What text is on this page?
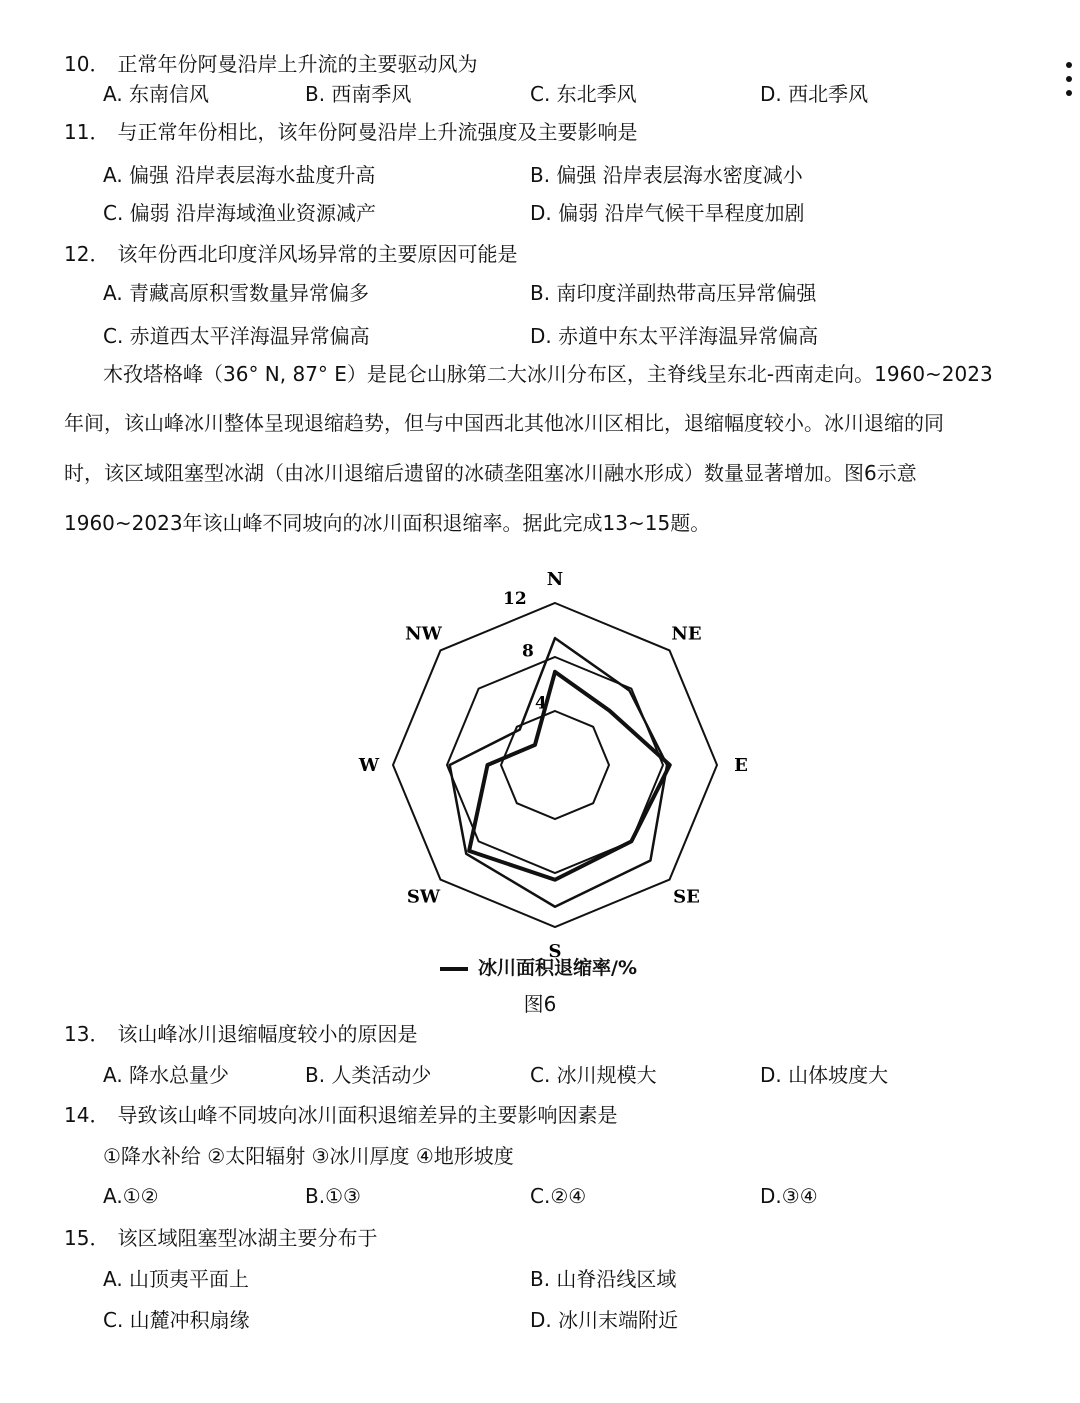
10． 正常年份阿曼沿岸上升流的主要驱动风为
A. 东南信风	B. 西南季风	C. 东北季风	D. 西北季风
11． 与正常年份相比，该年份阿曼沿岸上升流强度及主要影响是
A. 偏强 沿岸表层海水盐度升高	B. 偏强 沿岸表层海水密度减小
C. 偏弱 沿岸海域渔业资源减产	D. 偏弱 沿岸气候干旱程度加剧
12． 该年份西北印度洋风场异常的主要原因可能是
A. 青藏高原积雪数量异常偏多	B. 南印度洋副热带高压异常偏强
C. 赤道西太平洋海温异常偏高	D. 赤道中东太平洋海温异常偏高
木孜塔格峰（36° N, 87° E）是昆仑山脉第二大冰川分布区，主脊线呈东北-西南走向。1960~2023
年间，该山峰冰川整体呈现退缩趋势，但与中国西北其他冰川区相比，退缩幅度较小。冰川退缩的同
时，该区域阻塞型冰湖（由冰川退缩后遗留的冰碛垄阻塞冰川融水形成）数量显著增加。图6示意
1960~2023年该山峰不同坡向的冰川面积退缩率。据此完成13~15题。
4
8
12
N
NE
E
SE
S
SW
W
NW
冰川面积退缩率/%
图6
13． 该山峰冰川退缩幅度较小的原因是
A. 降水总量少	B. 人类活动少	C. 冰川规模大	D. 山体坡度大
14． 导致该山峰不同坡向冰川面积退缩差异的主要影响因素是
①降水补给 ②太阳辐射 ③冰川厚度 ④地形坡度
A.①②	B.①③	C.②④	D.③④
15． 该区域阻塞型冰湖主要分布于
A. 山顶夷平面上	B. 山脊沿线区域
C. 山麓冲积扇缘	D. 冰川末端附近
